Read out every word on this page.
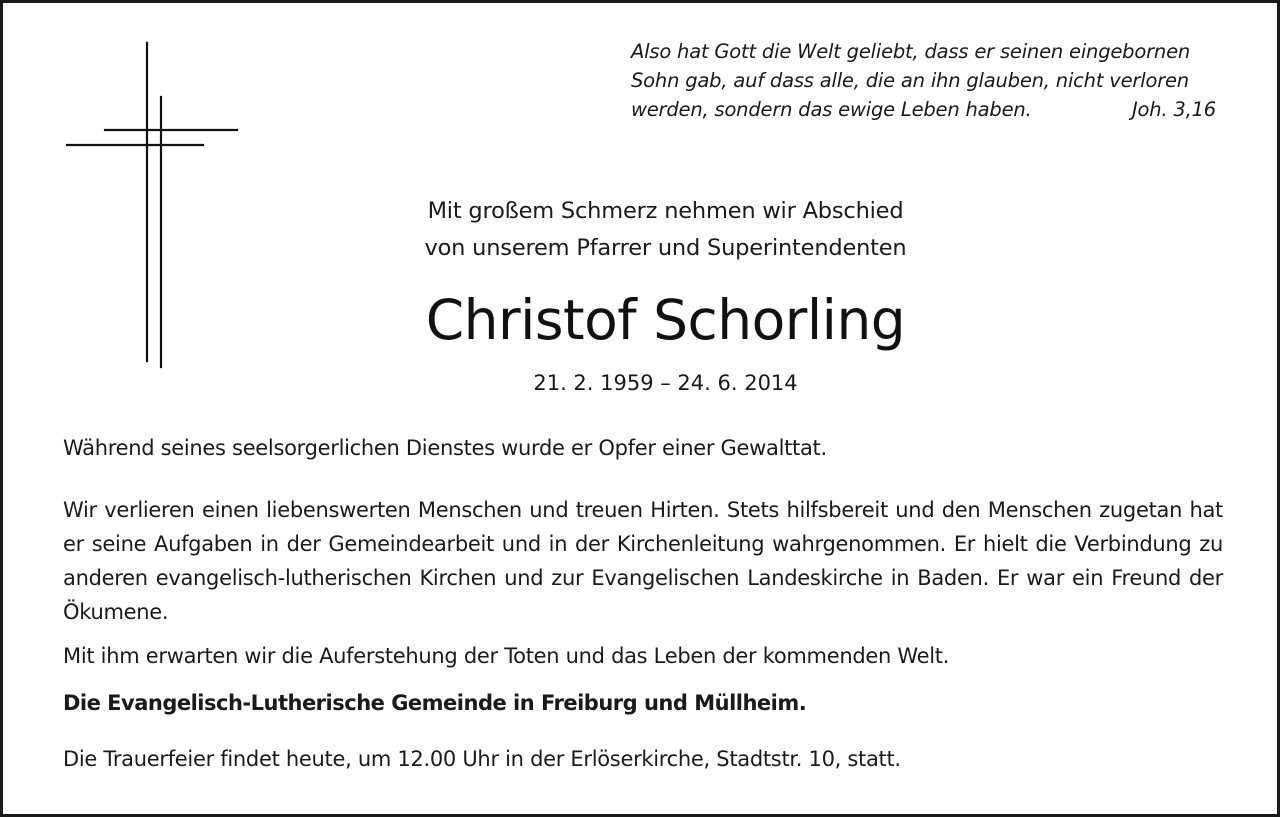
Also hat Gott die Welt geliebt, dass er seinen eingebornen
Sohn gab, auf dass alle, die an ihn glauben, nicht verloren
werden, sondern das ewige Leben haben.	Joh. 3,16
Mit großem Schmerz nehmen wir Abschied
von unserem Pfarrer und Superintendenten
Christof Schorling
21. 2. 1959 – 24. 6. 2014
Während seines seelsorgerlichen Dienstes wurde er Opfer einer Gewalttat.
Wir verlieren einen liebenswerten Menschen und treuen Hirten. Stets hilfsbereit und den Menschen zugetan hat er seine Aufgaben in der Gemeindearbeit und in der Kirchenleitung wahrgenommen. Er hielt die Verbindung zu anderen evangelisch-lutherischen Kirchen und zur Evangelischen Landeskirche in Baden. Er war ein Freund der Ökumene.
Mit ihm erwarten wir die Auferstehung der Toten und das Leben der kommenden Welt.
Die Evangelisch-Lutherische Gemeinde in Freiburg und Müllheim.
Die Trauerfeier findet heute, um 12.00 Uhr in der Erlöserkirche, Stadtstr. 10, statt.
